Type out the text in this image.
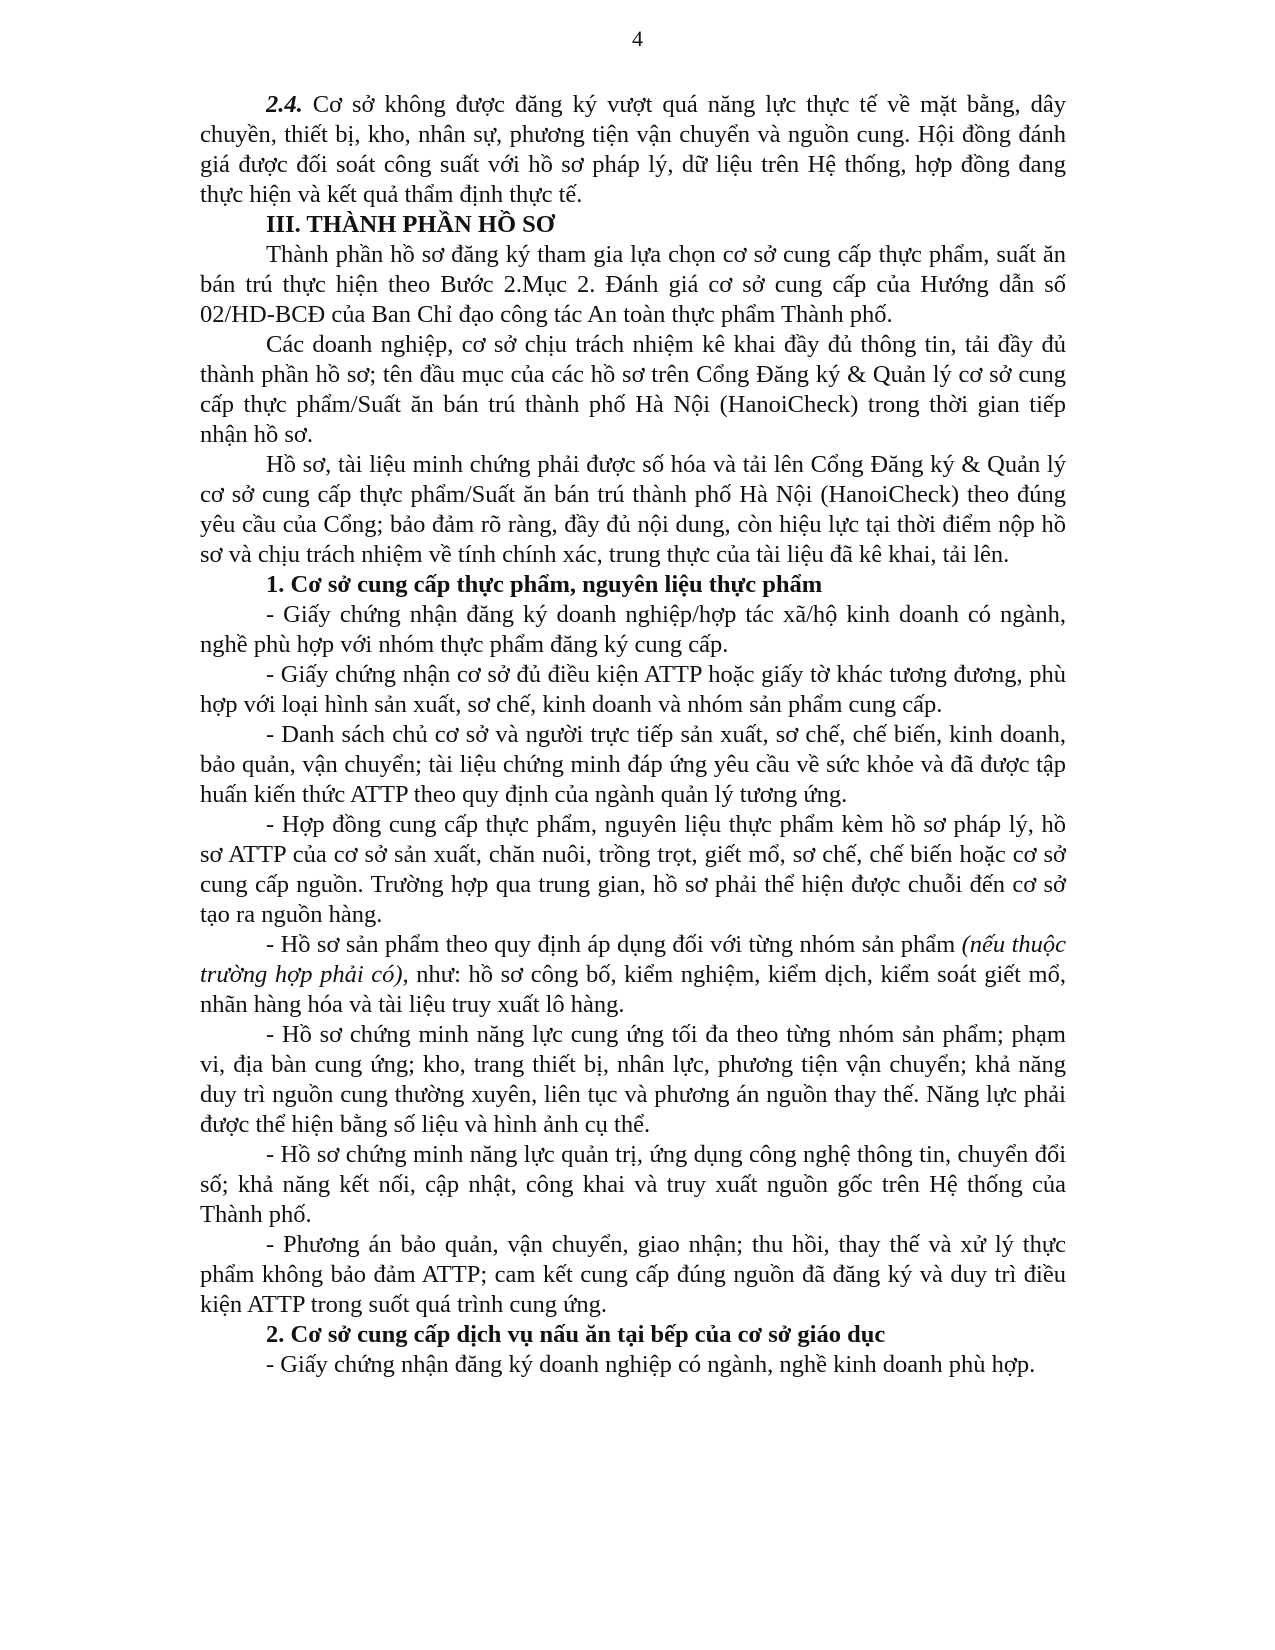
4

2.4. Cơ sở không được đăng ký vượt quá năng lực thực tế về mặt bằng, dây chuyền, thiết bị, kho, nhân sự, phương tiện vận chuyển và nguồn cung. Hội đồng đánh giá được đối soát công suất với hồ sơ pháp lý, dữ liệu trên Hệ thống, hợp đồng đang thực hiện và kết quả thẩm định thực tế.

III. THÀNH PHẦN HỒ SƠ

Thành phần hồ sơ đăng ký tham gia lựa chọn cơ sở cung cấp thực phẩm, suất ăn bán trú thực hiện theo Bước 2.Mục 2. Đánh giá cơ sở cung cấp của Hướng dẫn số 02/HD-BCĐ của Ban Chỉ đạo công tác An toàn thực phẩm Thành phố.

Các doanh nghiệp, cơ sở chịu trách nhiệm kê khai đầy đủ thông tin, tải đầy đủ thành phần hồ sơ; tên đầu mục của các hồ sơ trên Cổng Đăng ký & Quản lý cơ sở cung cấp thực phẩm/Suất ăn bán trú thành phố Hà Nội (HanoiCheck) trong thời gian tiếp nhận hồ sơ.

Hồ sơ, tài liệu minh chứng phải được số hóa và tải lên Cổng Đăng ký & Quản lý cơ sở cung cấp thực phẩm/Suất ăn bán trú thành phố Hà Nội (HanoiCheck) theo đúng yêu cầu của Cổng; bảo đảm rõ ràng, đầy đủ nội dung, còn hiệu lực tại thời điểm nộp hồ sơ và chịu trách nhiệm về tính chính xác, trung thực của tài liệu đã kê khai, tải lên.

1. Cơ sở cung cấp thực phẩm, nguyên liệu thực phẩm

- Giấy chứng nhận đăng ký doanh nghiệp/hợp tác xã/hộ kinh doanh có ngành, nghề phù hợp với nhóm thực phẩm đăng ký cung cấp.

- Giấy chứng nhận cơ sở đủ điều kiện ATTP hoặc giấy tờ khác tương đương, phù hợp với loại hình sản xuất, sơ chế, kinh doanh và nhóm sản phẩm cung cấp.

- Danh sách chủ cơ sở và người trực tiếp sản xuất, sơ chế, chế biến, kinh doanh, bảo quản, vận chuyển; tài liệu chứng minh đáp ứng yêu cầu về sức khỏe và đã được tập huấn kiến thức ATTP theo quy định của ngành quản lý tương ứng.

- Hợp đồng cung cấp thực phẩm, nguyên liệu thực phẩm kèm hồ sơ pháp lý, hồ sơ ATTP của cơ sở sản xuất, chăn nuôi, trồng trọt, giết mổ, sơ chế, chế biến hoặc cơ sở cung cấp nguồn. Trường hợp qua trung gian, hồ sơ phải thể hiện được chuỗi đến cơ sở tạo ra nguồn hàng.

- Hồ sơ sản phẩm theo quy định áp dụng đối với từng nhóm sản phẩm (nếu thuộc trường hợp phải có), như: hồ sơ công bố, kiểm nghiệm, kiểm dịch, kiểm soát giết mổ, nhãn hàng hóa và tài liệu truy xuất lô hàng.

- Hồ sơ chứng minh năng lực cung ứng tối đa theo từng nhóm sản phẩm; phạm vi, địa bàn cung ứng; kho, trang thiết bị, nhân lực, phương tiện vận chuyển; khả năng duy trì nguồn cung thường xuyên, liên tục và phương án nguồn thay thế. Năng lực phải được thể hiện bằng số liệu và hình ảnh cụ thể.

- Hồ sơ chứng minh năng lực quản trị, ứng dụng công nghệ thông tin, chuyển đổi số; khả năng kết nối, cập nhật, công khai và truy xuất nguồn gốc trên Hệ thống của Thành phố.

- Phương án bảo quản, vận chuyển, giao nhận; thu hồi, thay thế và xử lý thực phẩm không bảo đảm ATTP; cam kết cung cấp đúng nguồn đã đăng ký và duy trì điều kiện ATTP trong suốt quá trình cung ứng.

2. Cơ sở cung cấp dịch vụ nấu ăn tại bếp của cơ sở giáo dục

- Giấy chứng nhận đăng ký doanh nghiệp có ngành, nghề kinh doanh phù hợp.
